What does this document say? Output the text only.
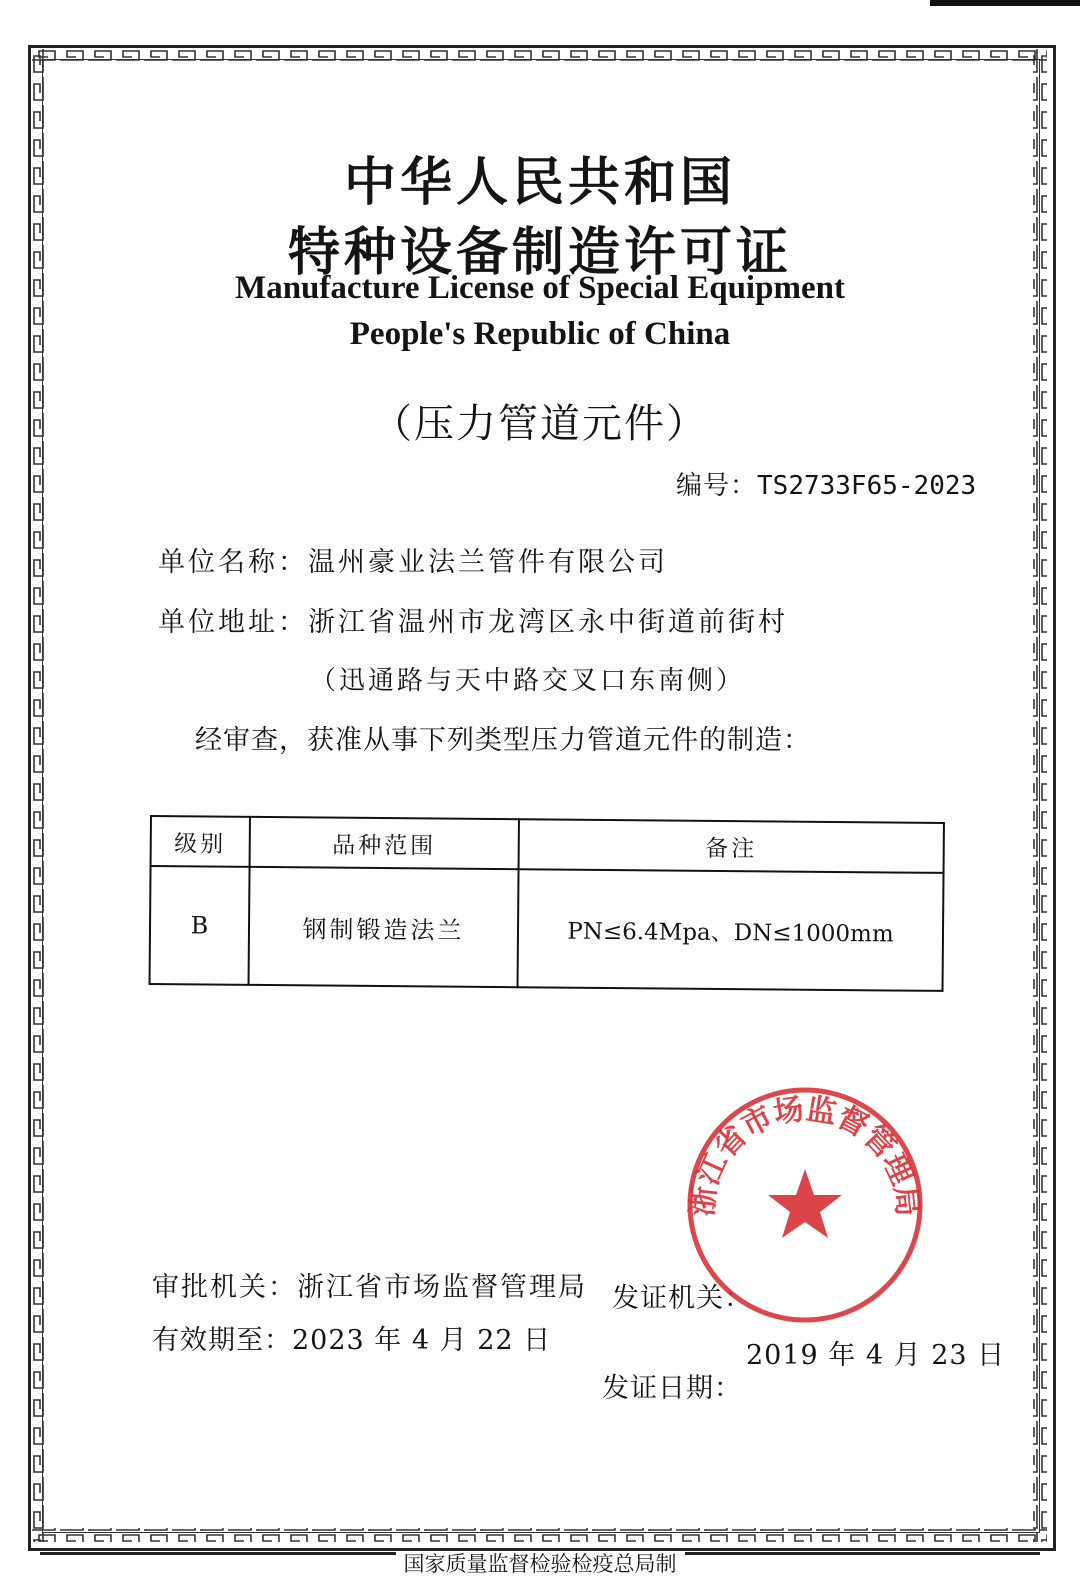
中华人民共和国
特种设备制造许可证
Manufacture License of Special Equipment
People's Republic of China
（压力管道元件）
编号：TS2733F65-2023
单位名称：温州豪业法兰管件有限公司
单位地址：浙江省温州市龙湾区永中街道前街村
（迅通路与天中路交叉口东南侧）
经审查，获准从事下列类型压力管道元件的制造：
级别	品种范围	备注
B	钢制锻造法兰	PN≤6.4Mpa、DN≤1000mm
审批机关：浙江省市场监督管理局
有效期至：2023 年 4 月 22 日
发证机关：
2019 年 4 月 23 日
发证日期：
浙江省市场监督管理局
国家质量监督检验检疫总局制
